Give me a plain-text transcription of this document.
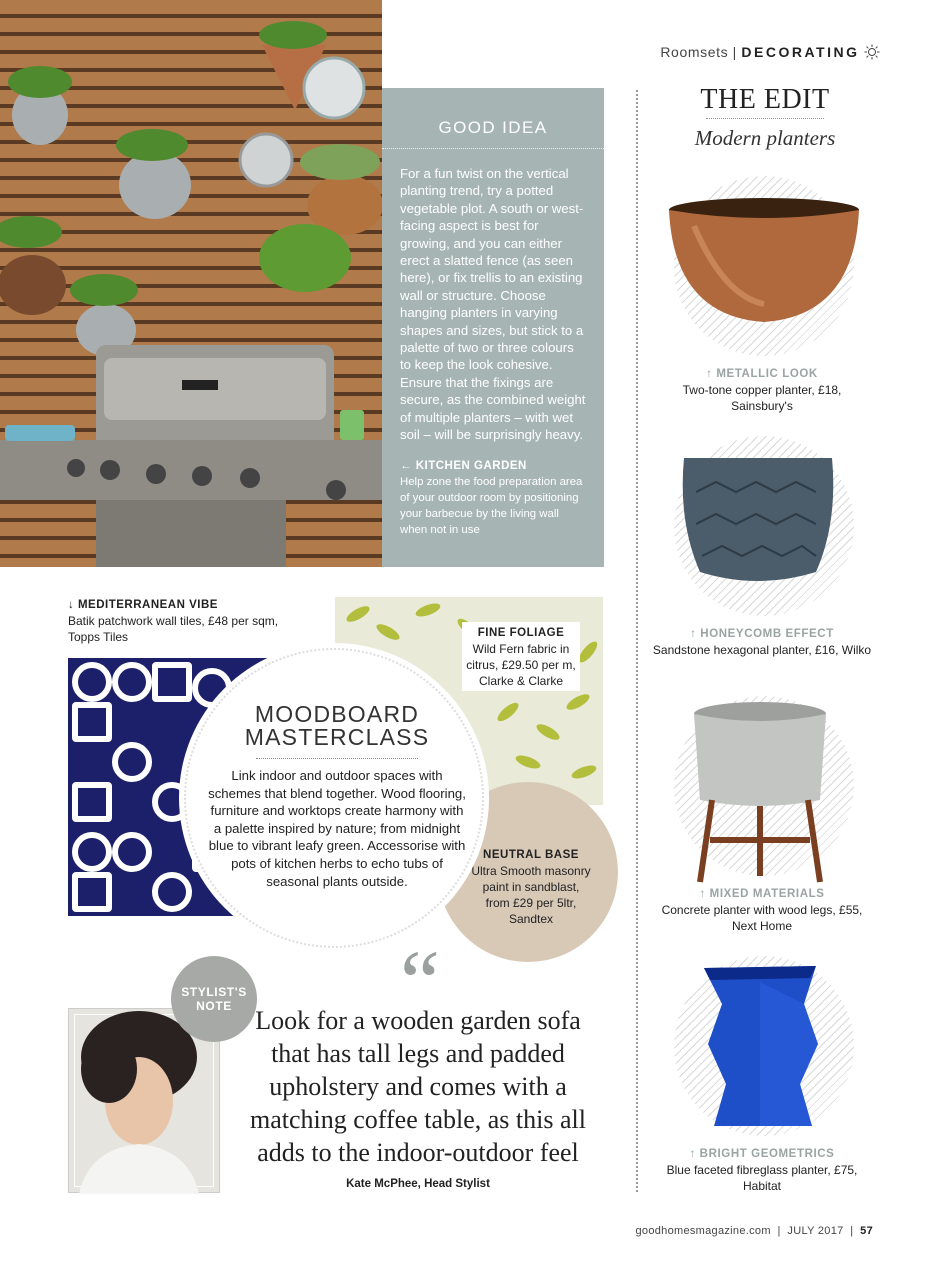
Roomsets | DECORATING
GOOD IDEA

For a fun twist on the vertical planting trend, try a potted vegetable plot. A south or west-facing aspect is best for growing, and you can either erect a slatted fence (as seen here), or fix trellis to an existing wall or structure. Choose hanging planters in varying shapes and sizes, but stick to a palette of two or three colours to keep the look cohesive. Ensure that the fixings are secure, as the combined weight of multiple planters – with wet soil – will be surprisingly heavy.

← KITCHEN GARDEN
Help zone the food preparation area of your outdoor room by positioning your barbecue by the living wall when not in use
THE EDIT
Modern planters
↑ METALLIC LOOK
Two-tone copper planter, £18, Sainsbury's
↑ HONEYCOMB EFFECT
Sandstone hexagonal planter, £16, Wilko
↑ MIXED MATERIALS
Concrete planter with wood legs, £55, Next Home
↑ BRIGHT GEOMETRICS
Blue faceted fibreglass planter, £75, Habitat
↓ MEDITERRANEAN VIBE
Batik patchwork wall tiles, £48 per sqm, Topps Tiles	FINE FOLIAGE
Wild Fern fabric in citrus, £29.50 per m, Clarke & Clarke
NEUTRAL BASE
Ultra Smooth masonry paint in sandblast, from £29 per 5ltr, Sandtex
MOODBOARD
MASTERCLASS

Link indoor and outdoor spaces with schemes that blend together. Wood flooring, furniture and worktops create harmony with a palette inspired by nature; from midnight blue to vibrant leafy green. Accessorise with pots of kitchen herbs to echo tubs of seasonal plants outside.

STYLIST'S
NOTE “

Look for a wooden garden sofa that has tall legs and padded upholstery and comes with a matching coffee table, as this all adds to the indoor-outdoor feel

Kate McPhee, Head Stylist
goodhomesmagazine.com | JULY 2017 | 57
